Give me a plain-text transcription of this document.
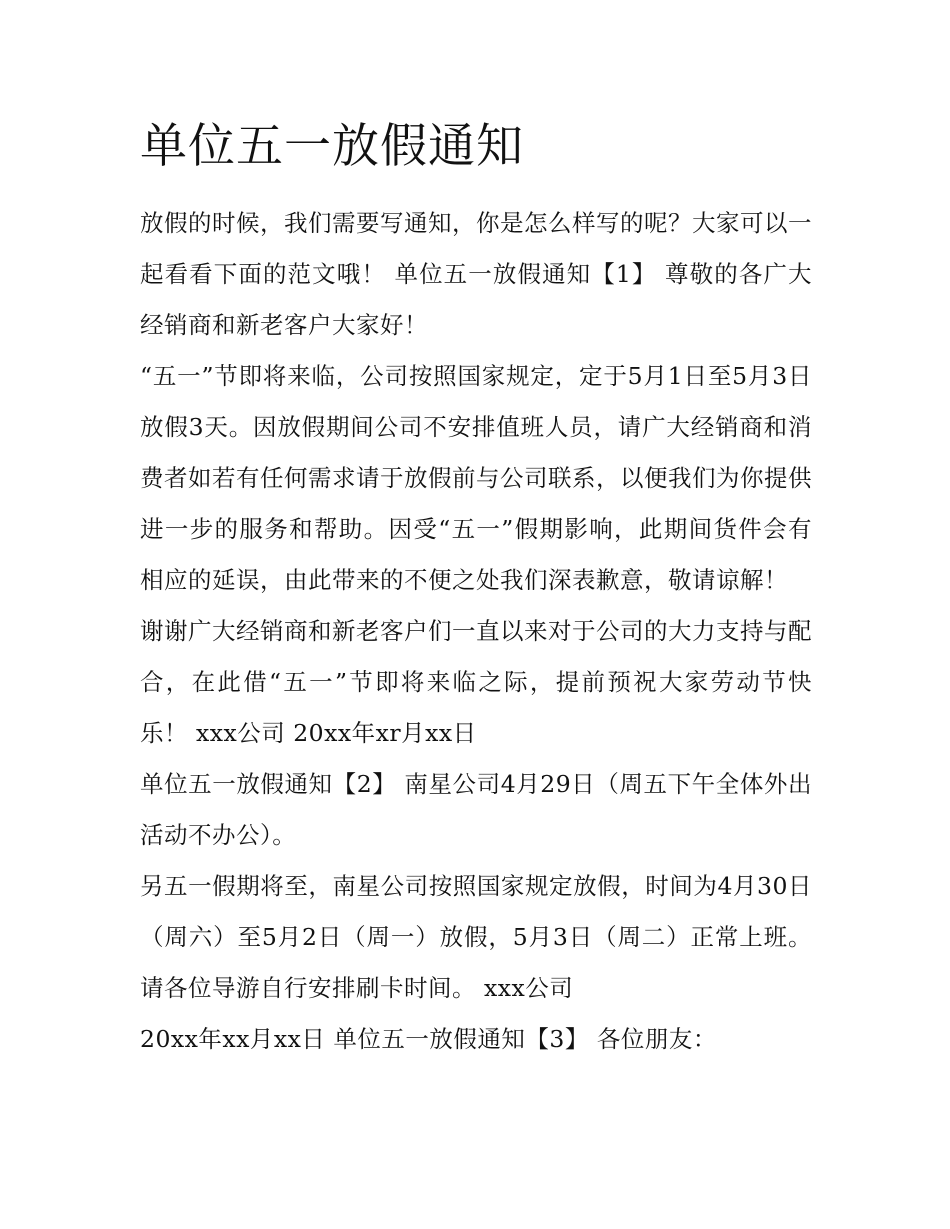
单位五一放假通知

放假的时候，我们需要写通知，你是怎么样写的呢？大家可以一起看看下面的范文哦！ 单位五一放假通知【1】 尊敬的各广大经销商和新老客户大家好！

“五一”节即将来临，公司按照国家规定，定于5月1日至5月3日放假3天。因放假期间公司不安排值班人员，请广大经销商和消费者如若有任何需求请于放假前与公司联系，以便我们为你提供进一步的服务和帮助。因受“五一”假期影响，此期间货件会有相应的延误，由此带来的不便之处我们深表歉意，敬请谅解！

谢谢广大经销商和新老客户们一直以来对于公司的大力支持与配合，在此借“五一”节即将来临之际，提前预祝大家劳动节快乐！ xxx公司 20xx年xr月xx日

单位五一放假通知【2】 南星公司4月29日（周五下午全体外出活动不办公）。

另五一假期将至，南星公司按照国家规定放假，时间为4月30日（周六）至5月2日（周一）放假，5月3日（周二）正常上班。请各位导游自行安排刷卡时间。 xxx公司

20xx年xx月xx日 单位五一放假通知【3】 各位朋友：
